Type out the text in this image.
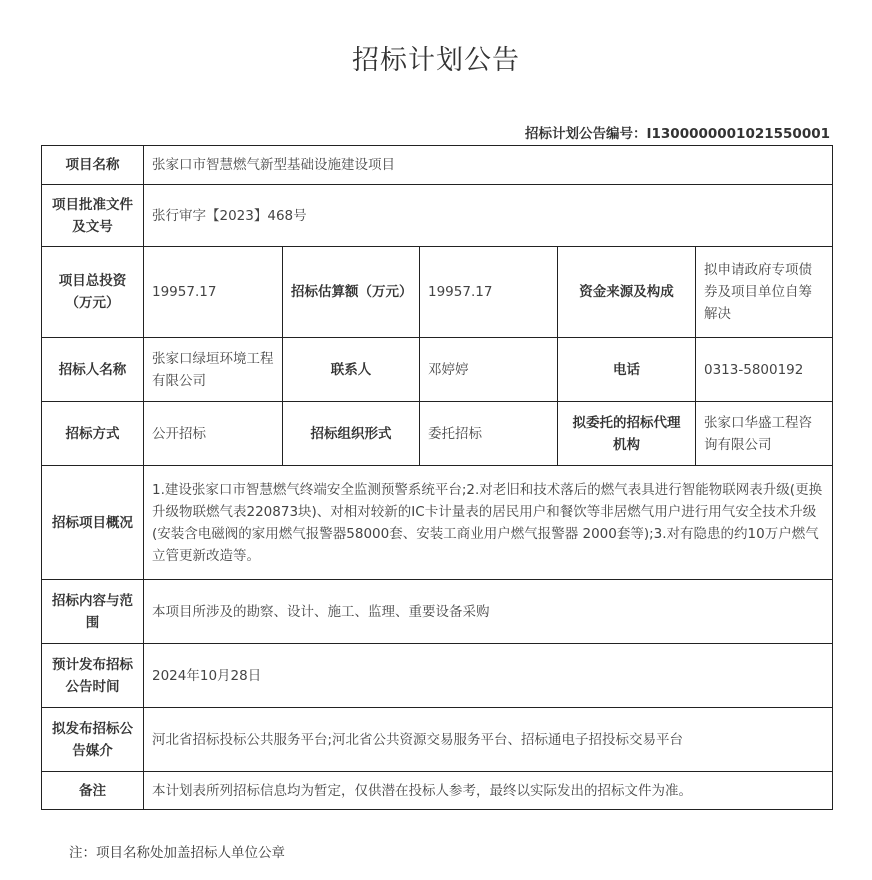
招标计划公告
招标计划公告编号：I1300000001021550001
项目名称	张家口市智慧燃气新型基础设施建设项目				
项目批准文件及文号	张行审字【2023】468号				
项目总投资（万元）	19957.17	招标估算额（万元）	19957.17	资金来源及构成	拟申请政府专项债券及项目单位自筹解决
招标人名称	张家口绿垣环境工程有限公司	联系人	邓婷婷	电话	0313-5800192
招标方式	公开招标	招标组织形式	委托招标	拟委托的招标代理机构	张家口华盛工程咨询有限公司
招标项目概况	1.建设张家口市智慧燃气终端安全监测预警系统平台;2.对老旧和技术落后的燃气表具进行智能物联网表升级(更换升级物联燃气表220873块)、对相对较新的IC卡计量表的居民用户和餐饮等非居燃气用户进行用气安全技术升级(安装含电磁阀的家用燃气报警器58000套、安装工商业用户燃气报警器 2000套等);3.对有隐患的约10万户燃气立管更新改造等。				
招标内容与范围	本项目所涉及的勘察、设计、施工、监理、重要设备采购				
预计发布招标公告时间	2024年10月28日				
拟发布招标公告媒介	河北省招标投标公共服务平台;河北省公共资源交易服务平台、招标通电子招投标交易平台				
备注	本计划表所列招标信息均为暂定，仅供潜在投标人参考，最终以实际发出的招标文件为准。				
注：项目名称处加盖招标人单位公章
